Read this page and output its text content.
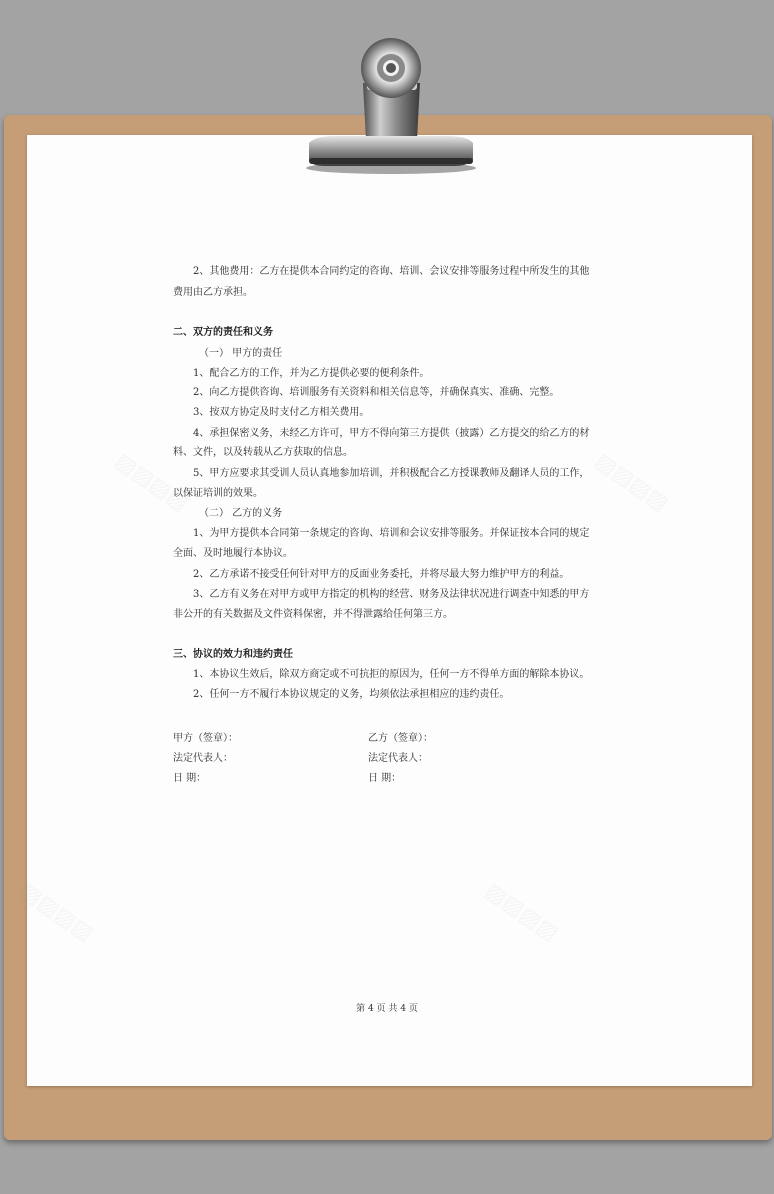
2、其他费用：乙方在提供本合同约定的咨询、培训、会议安排等服务过程中所发生的其他
费用由乙方承担。
二、双方的责任和义务
（一） 甲方的责任
1、配合乙方的工作，并为乙方提供必要的便利条件。
2、向乙方提供咨询、培训服务有关资料和相关信息等，并确保真实、准确、完整。
3、按双方协定及时支付乙方相关费用。
4、承担保密义务，未经乙方许可，甲方不得向第三方提供（披露）乙方提交的给乙方的材
料、文件，以及转载从乙方获取的信息。
5、甲方应要求其受训人员认真地参加培训，并积极配合乙方授课教师及翻译人员的工作，
以保证培训的效果。
（二） 乙方的义务
1、为甲方提供本合同第一条规定的咨询、培训和会议安排等服务。并保证按本合同的规定
全面、及时地履行本协议。
2、乙方承诺不接受任何针对甲方的反面业务委托，并将尽最大努力维护甲方的利益。
3、乙方有义务在对甲方或甲方指定的机构的经营、财务及法律状况进行调查中知悉的甲方
非公开的有关数据及文件资料保密，并不得泄露给任何第三方。
三、协议的效力和违约责任
1、本协议生效后，除双方商定或不可抗拒的原因为，任何一方不得单方面的解除本协议。
2、任何一方不履行本协议规定的义务，均须依法承担相应的违约责任。
甲方（签章）：	乙方（签章）：
法定代表人：	法定代表人：
日 期：	日 期：
第 4 页 共 4 页
